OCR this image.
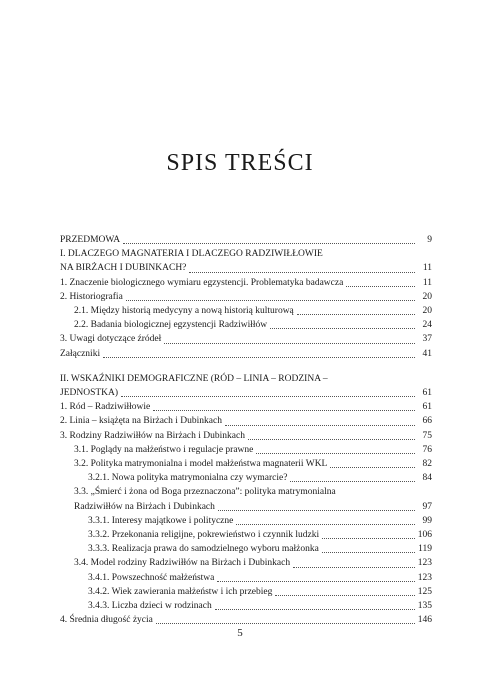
SPIS TREŚCI
PRZEDMOWA	9
I. DLACZEGO MAGNATERIA I DLACZEGO RADZIWIŁŁOWIE
NA BIRŻACH I DUBINKACH?	11
1. Znaczenie biologicznego wymiaru egzystencji. Problematyka badawcza	11
2. Historiografia	20
2.1. Między historią medycyny a nową historią kulturową	20
2.2. Badania biologicznej egzystencji Radziwiłłów	24
3. Uwagi dotyczące źródeł	37
Załączniki	41
II. WSKAŹNIKI DEMOGRAFICZNE (RÓD – LINIA – RODZINA –
JEDNOSTKA)	61
1. Ród – Radziwiłłowie	61
2. Linia – książęta na Birżach i Dubinkach	66
3. Rodziny Radziwiłłów na Birżach i Dubinkach	75
3.1. Poglądy na małżeństwo i regulacje prawne	76
3.2. Polityka matrymonialna i model małżeństwa magnaterii WKL	82
3.2.1. Nowa polityka matrymonialna czy wymarcie?	84
3.3. „Śmierć i żona od Boga przeznaczona”: polityka matrymonialna
Radziwiłłów na Birżach i Dubinkach	97
3.3.1. Interesy majątkowe i polityczne	99
3.3.2. Przekonania religijne, pokrewieństwo i czynnik ludzki	106
3.3.3. Realizacja prawa do samodzielnego wyboru małżonka	119
3.4. Model rodziny Radziwiłłów na Birżach i Dubinkach	123
3.4.1. Powszechność małżeństwa	123
3.4.2. Wiek zawierania małżeństw i ich przebieg	125
3.4.3. Liczba dzieci w rodzinach	135
4. Średnia długość życia	146
5
